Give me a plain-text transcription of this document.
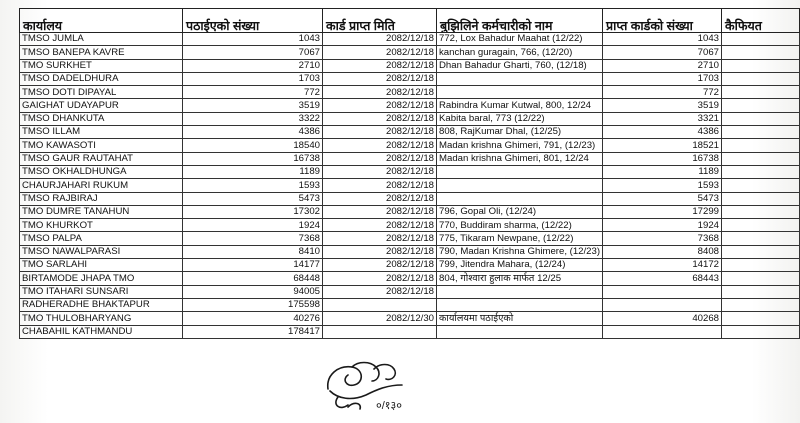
कार्यालय	पठाईएको संख्या	कार्ड प्राप्त मिति	बुझिलिने कर्मचारीको नाम	प्राप्त कार्डको संख्या	कैफियत
TMSO JUMLA	1043	2082/12/18	772, Lox Bahadur Maahat (12/22)	1043	
TMSO BANEPA KAVRE	7067	2082/12/18	kanchan guragain, 766, (12/20)	7067	
TMO SURKHET	2710	2082/12/18	Dhan Bahadur Gharti, 760, (12/18)	2710	
TMSO DADELDHURA	1703	2082/12/18		1703	
TMSO DOTI DIPAYAL	772	2082/12/18		772	
GAIGHAT UDAYAPUR	3519	2082/12/18	Rabindra Kumar Kutwal, 800, 12/24	3519	
TMSO DHANKUTA	3322	2082/12/18	Kabita baral, 773 (12/22)	3321	
TMSO ILLAM	4386	2082/12/18	808, RajKumar Dhal, (12/25)	4386	
TMO KAWASOTI	18540	2082/12/18	Madan krishna Ghimeri, 791, (12/23)	18521	
TMSO GAUR RAUTAHAT	16738	2082/12/18	Madan krishna Ghimeri, 801, 12/24	16738	
TMSO OKHALDHUNGA	1189	2082/12/18		1189	
CHAURJAHARI RUKUM	1593	2082/12/18		1593	
TMSO RAJBIRAJ	5473	2082/12/18		5473	
TMO DUMRE TANAHUN	17302	2082/12/18	796, Gopal Oli, (12/24)	17299	
TMO KHURKOT	1924	2082/12/18	770, Buddiram sharma, (12/22)	1924	
TMSO PALPA	7368	2082/12/18	775, Tikaram Newpane, (12/22)	7368	
TMSO NAWALPARASI	8410	2082/12/18	790, Madan Krishna Ghimere, (12/23)	8408	
TMO SARLAHI	14177	2082/12/18	799, Jitendra Mahara, (12/24)	14172	
BIRTAMODE JHAPA TMO	68448	2082/12/18	804, गोश्वारा हुलाक मार्फत 12/25	68443	
TMO ITAHARI SUNSARI	94005	2082/12/18			
RADHERADHE BHAKTAPUR	175598				
TMO THULOBHARYANG	40276	2082/12/30	कार्यालयमा पठाईएको	40268	
CHABAHIL KATHMANDU	178417				
०/१३०
